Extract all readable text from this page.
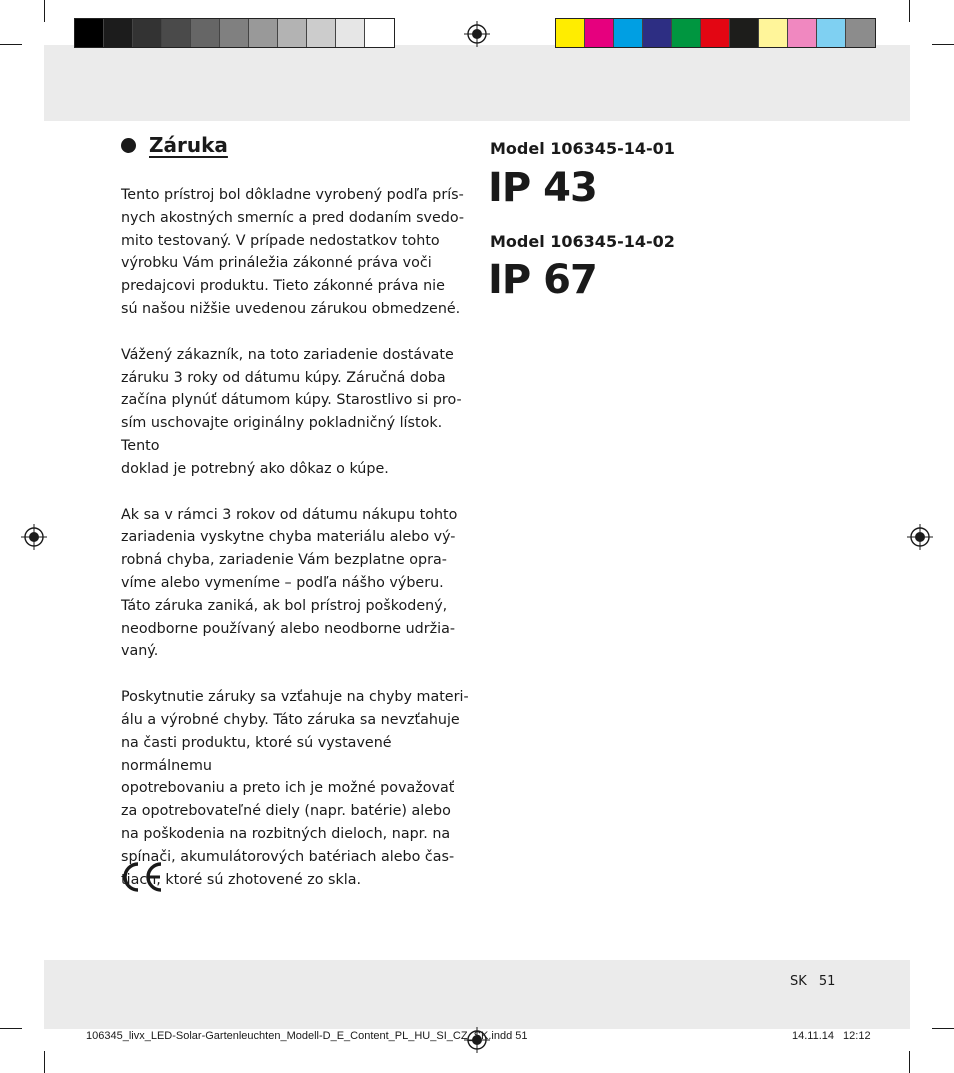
Záruka

Tento prístroj bol dôkladne vyrobený podľa prís-
nych akostných smerníc a pred dodaním svedo-
mito testovaný. V prípade nedostatkov tohto
výrobku Vám prináležia zákonné práva voči
predajcovi produktu. Tieto zákonné práva nie
sú našou nižšie uvedenou zárukou obmedzené.

Vážený zákazník, na toto zariadenie dostávate
záruku 3 roky od dátumu kúpy. Záručná doba
začína plynúť dátumom kúpy. Starostlivo si pro-
sím uschovajte originálny pokladničný lístok. Tento
doklad je potrebný ako dôkaz o kúpe.

Ak sa v rámci 3 rokov od dátumu nákupu tohto
zariadenia vyskytne chyba materiálu alebo vý-
robná chyba, zariadenie Vám bezplatne opra-
víme alebo vymeníme – podľa nášho výberu.
Táto záruka zaniká, ak bol prístroj poškodený,
neodborne používaný alebo neodborne udržia-
vaný.

Poskytnutie záruky sa vzťahuje na chyby materi-
álu a výrobné chyby. Táto záruka sa nevzťahuje
na časti produktu, ktoré sú vystavené normálnemu
opotrebovaniu a preto ich je možné považovať
za opotrebovateľné diely (napr. batérie) alebo
na poškodenia na rozbitných dieloch, napr. na
spínači, akumulátorových batériach alebo čas-
tiach, ktoré sú zhotovené zo skla.

Model 106345-14-01
IP 43
Model 106345-14-02
IP 67
SK 51
106345_livx_LED-Solar-Gartenleuchten_Modell-D_E_Content_PL_HU_SI_CZ_SK.indd 51	14.11.14 12:12
